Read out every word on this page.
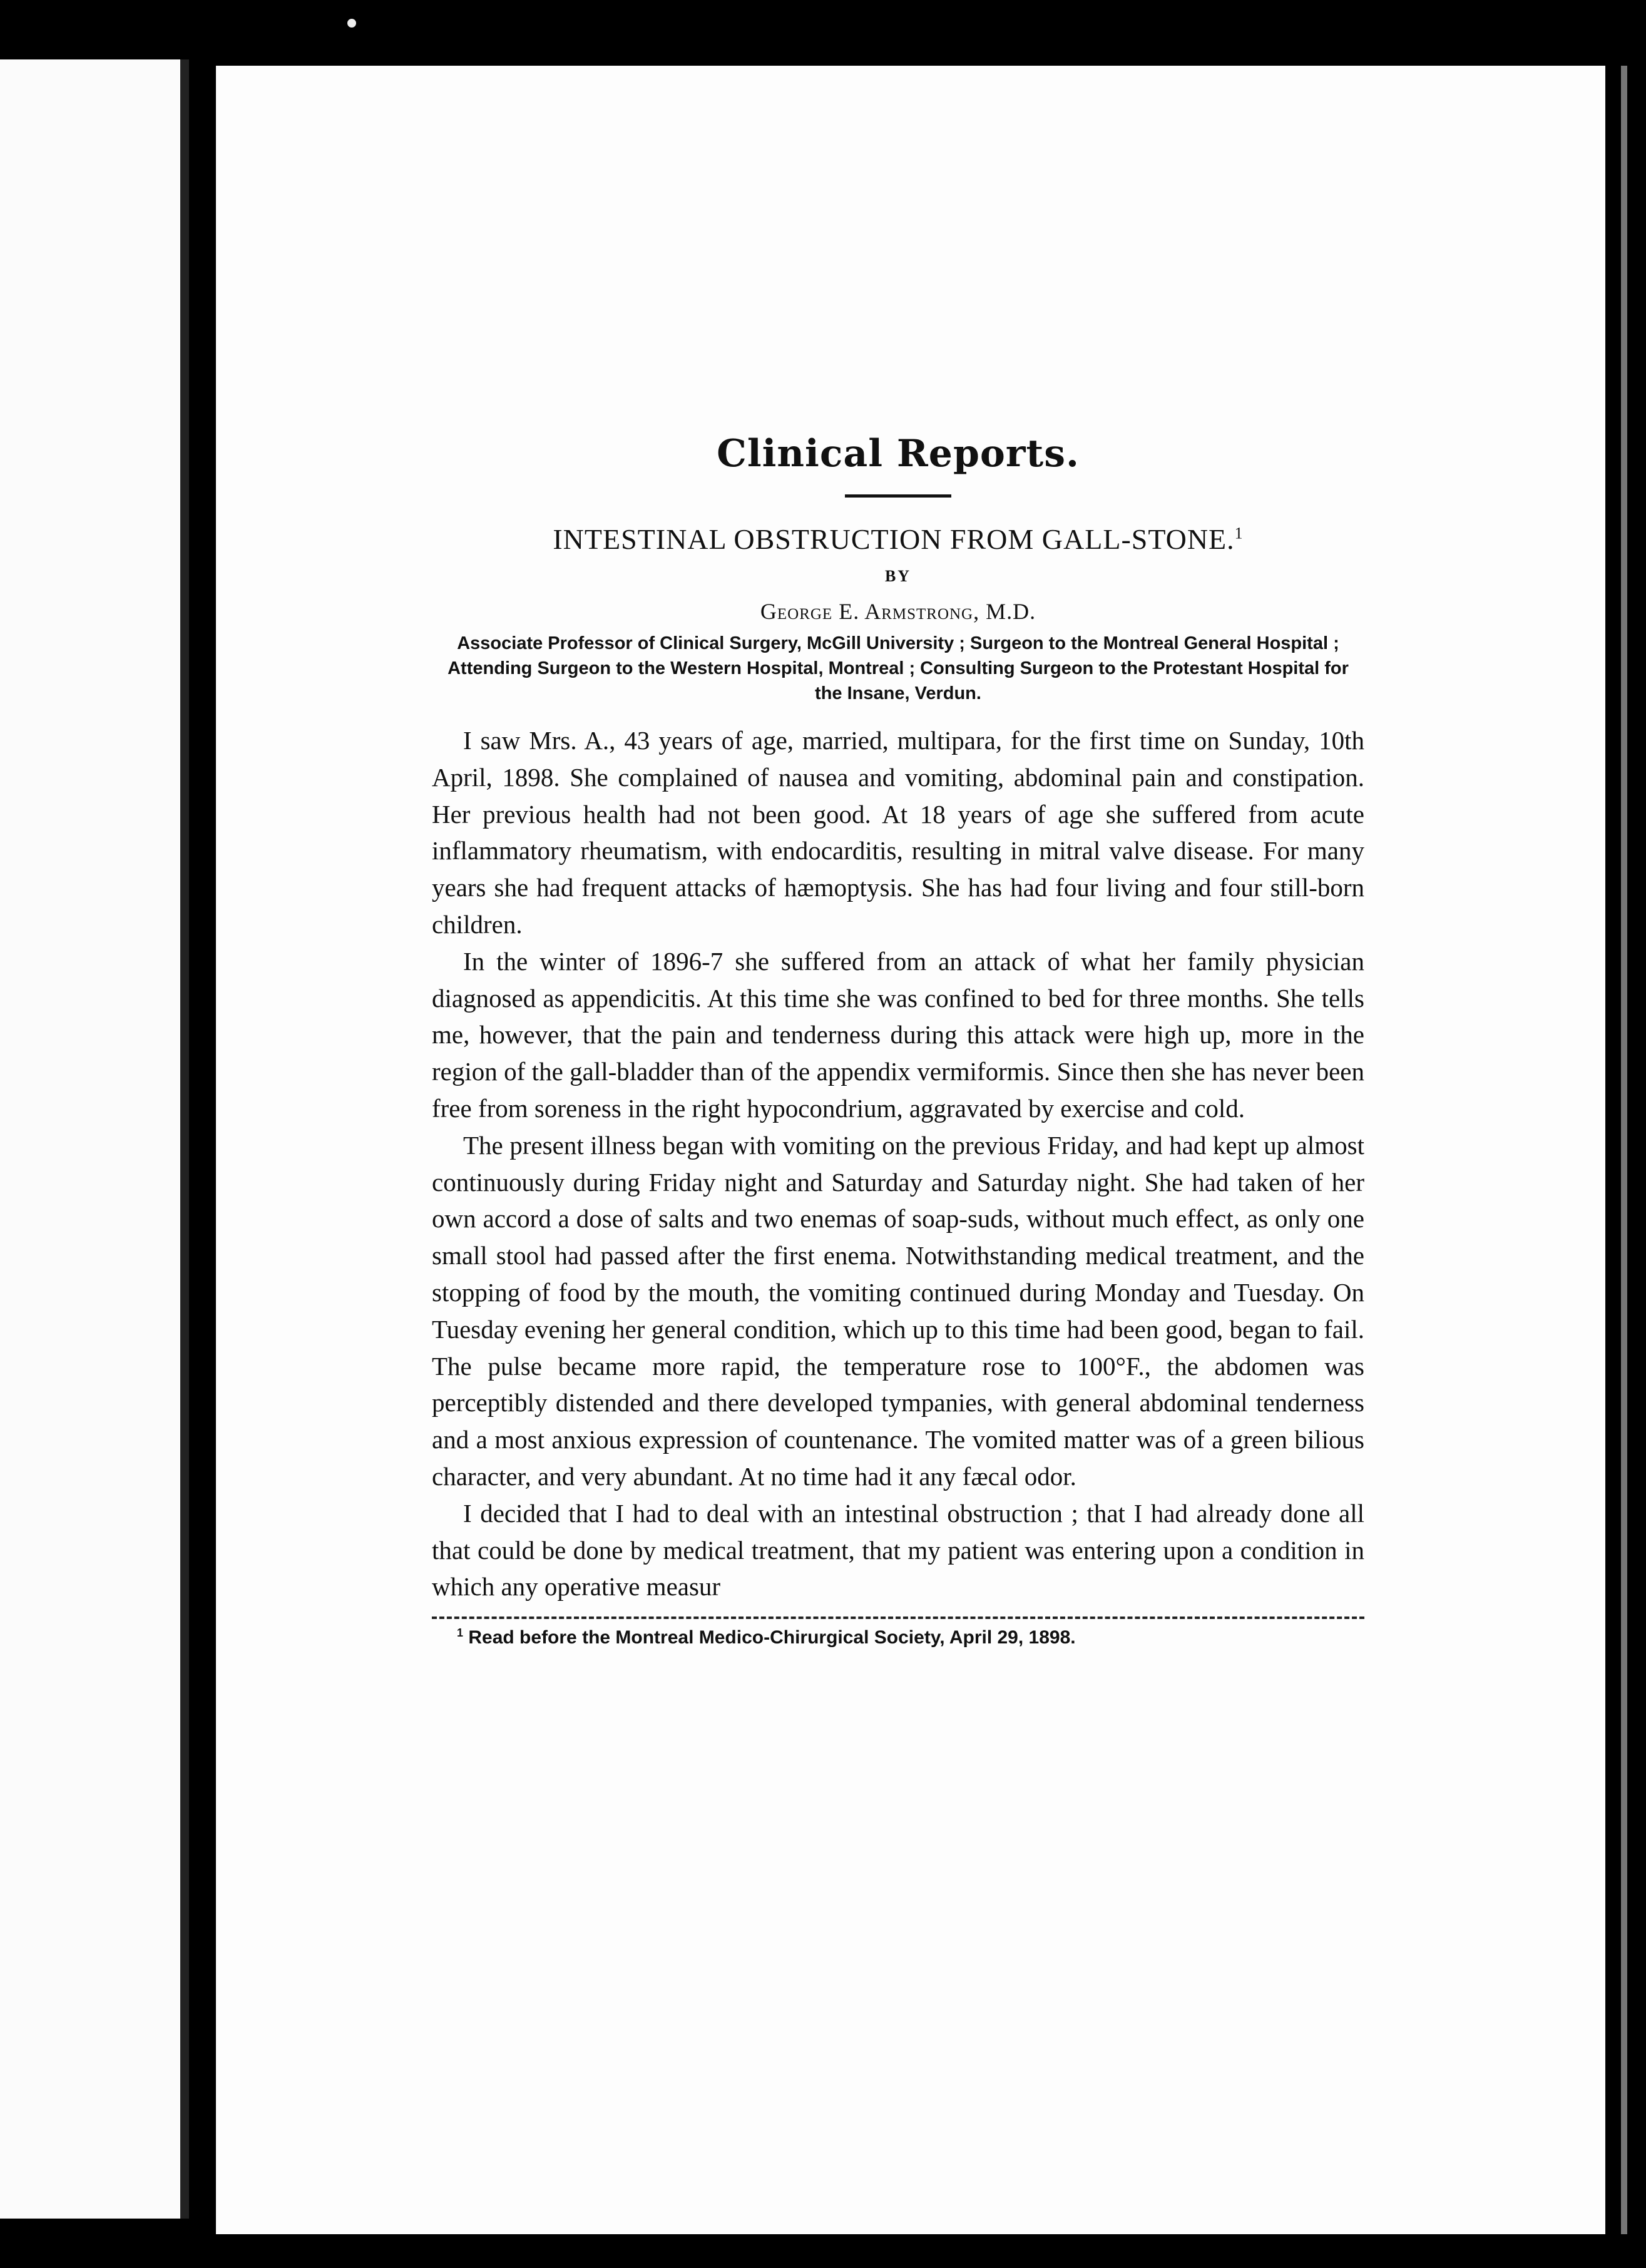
Clinical Reports.
INTESTINAL OBSTRUCTION FROM GALL-STONE.$^1$
BY
George E. Armstrong, M.D.
Associate Professor of Clinical Surgery, McGill University ; Surgeon to the Montreal General Hospital ; Attending Surgeon to the Western Hospital, Montreal ; Consulting Surgeon to the Protestant Hospital for the Insane, Verdun.

I saw Mrs. A., 43 years of age, married, multipara, for the first time on Sunday, 10th April, 1898. She complained of nausea and vomiting, abdominal pain and constipation. Her previous health had not been good. At 18 years of age she suffered from acute inflammatory rheumatism, with endocarditis, resulting in mitral valve disease. For many years she had frequent attacks of hæmoptysis. She has had four living and four still-born children.

In the winter of 1896-7 she suffered from an attack of what her family physician diagnosed as appendicitis. At this time she was confined to bed for three months. She tells me, however, that the pain and tenderness during this attack were high up, more in the region of the gall-bladder than of the appendix vermiformis. Since then she has never been free from soreness in the right hypocondrium, aggravated by exercise and cold.

The present illness began with vomiting on the previous Friday, and had kept up almost continuously during Friday night and Saturday and Saturday night. She had taken of her own accord a dose of salts and two enemas of soap-suds, without much effect, as only one small stool had passed after the first enema. Notwithstanding medical treatment, and the stopping of food by the mouth, the vomiting continued during Monday and Tuesday. On Tuesday evening her general condition, which up to this time had been good, began to fail. The pulse became more rapid, the temperature rose to 100°F., the abdomen was perceptibly distended and there developed tympanies, with general abdominal tenderness and a most anxious expression of countenance. The vomited matter was of a green bilious character, and very abundant. At no time had it any fæcal odor.

I decided that I had to deal with an intestinal obstruction ; that I had already done all that could be done by medical treatment, that my patient was entering upon a condition in which any operative measur

$^1$ Read before the Montreal Medico-Chirurgical Society, April 29, 1898.
